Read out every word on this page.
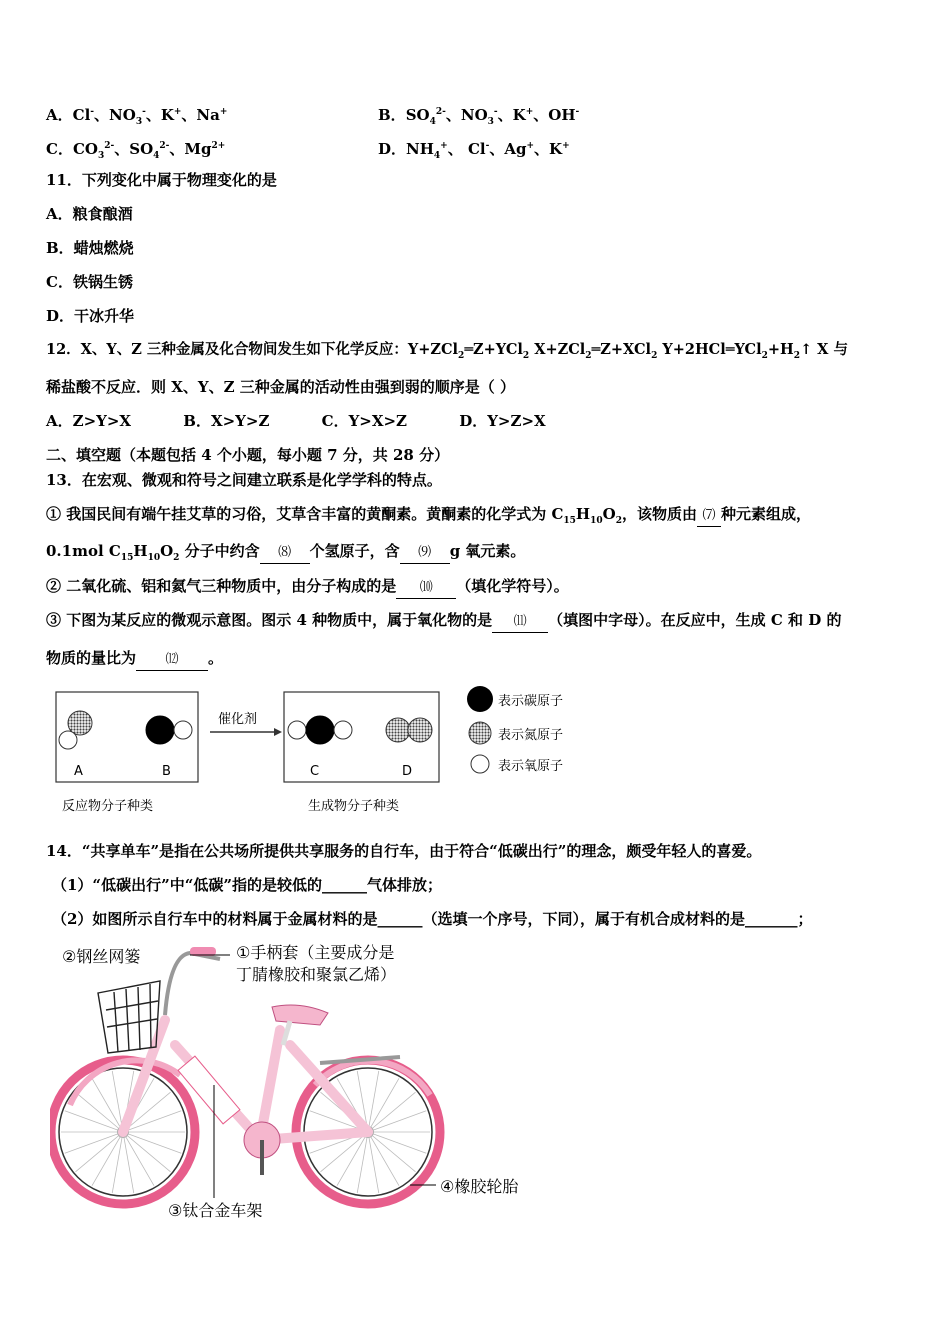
A．Cl-、$NO_3^-$、K+、Na+	B．$SO_4^{2-}$、$NO_3^-$、K+、OH-
C．$CO_3^{2-}$、$SO_4^{2-}$、$Mg^{2+}$	D．$NH_4^+$、 Cl-、Ag+、K+
11．下列变化中属于物理变化的是
A．粮食酿酒
B．蜡烛燃烧
C．铁锅生锈
D．干冰升华
12．X、Y、Z 三种金属及化合物间发生如下化学反应：Y+ZCl$_2$═Z+YCl$_2$ X+ZCl$_2$═Z+XCl$_2$ $Y+2HCl═YCl_2+H_2↑$ X 与
稀盐酸不反应．则 X、Y、Z 三种金属的活动性由强到弱的顺序是（ ）
A．Z>Y>X          B．X>Y>Z          C．Y>X>Z          D．Y>Z>X
二、填空题（本题包括 4 个小题，每小题 7 分，共 28 分）
13．在宏观、微观和符号之间建立联系是化学学科的特点。
① 我国民间有端午挂艾草的习俗，艾草含丰富的黄酮素。黄酮素的化学式为 $C_{15}H_{10}O_2$，该物质由 ⑺ 种元素组成，
0.1mol $C_{15}H_{10}O_2$ 分子中约含 ⑻ 个氢原子，含 ⑼ g 氧元素。
② 二氧化硫、铝和氦气三种物质中，由分子构成的是 ⑽ （填化学符号）。
③ 下图为某反应的微观示意图。图示 4 种物质中，属于氧化物的是 ⑾ （填图中字母）。在反应中，生成 C 和 D 的
物质的量比为 ⑿ 。
催化剂
A	B	C	D
反应物分子种类	生成物分子种类
表示碳原子
表示氮原子
表示氧原子
14．“共享单车”是指在公共场所提供共享服务的自行车，由于符合“低碳出行”的理念，颇受年轻人的喜爱。
（1）“低碳出行”中“低碳”指的是较低的______气体排放；
（2）如图所示自行车中的材料属于金属材料的是______（选填一个序号，下同），属于有机合成材料的是_______；
②钢丝网篓	①手柄套（主要成分是
丁腈橡胶和聚氯乙烯）
③钛合金车架
④橡胶轮胎
